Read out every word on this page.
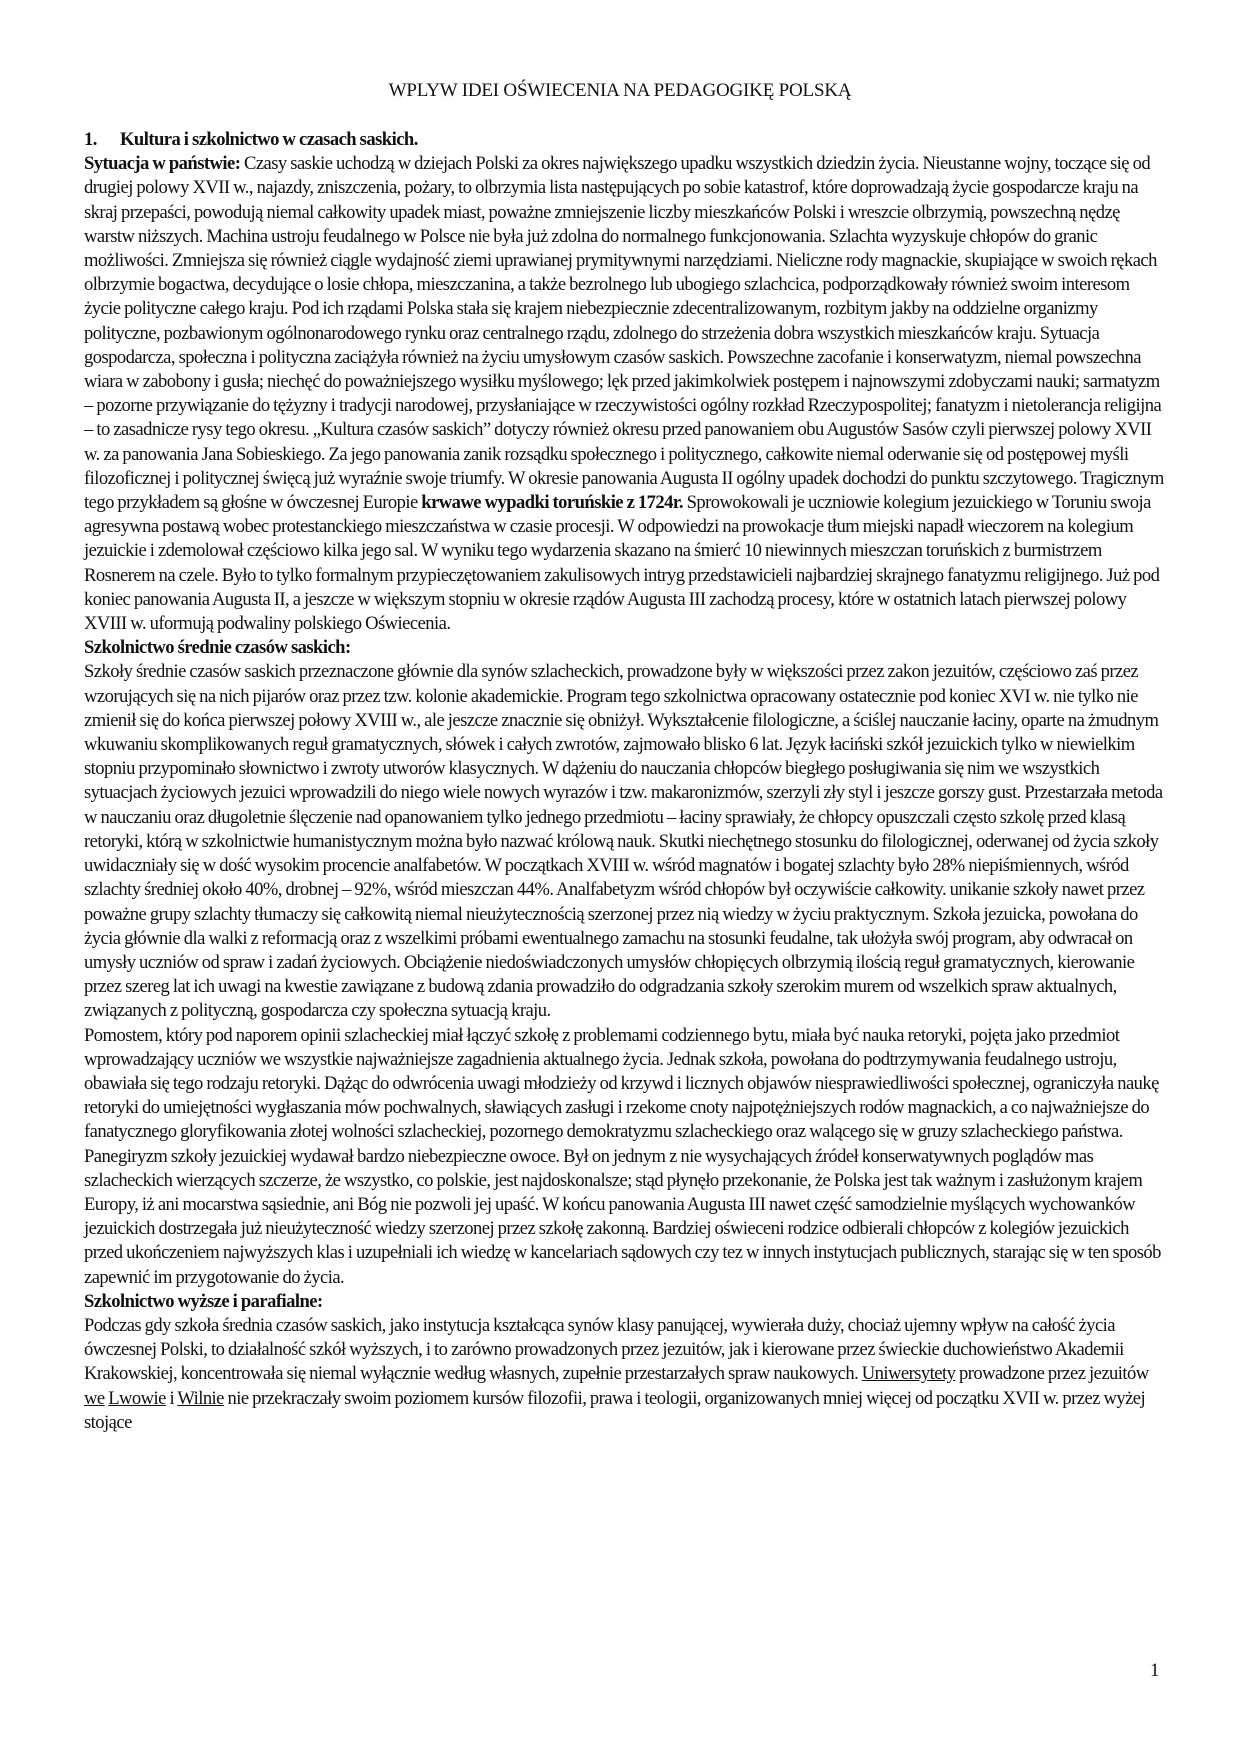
WPLYW IDEI OŚWIECENIA NA PEDAGOGIKĘ POLSKĄ
1. Kultura i szkolnictwo w czasach saskich.

Sytuacja w państwie: Czasy saskie uchodzą w dziejach Polski za okres największego upadku wszystkich dziedzin życia. Nieustanne wojny, toczące się od drugiej polowy XVII w., najazdy, zniszczenia, pożary, to olbrzymia lista następujących po sobie katastrof, które doprowadzają życie gospodarcze kraju na skraj przepaści, powodują niemal całkowity upadek miast, poważne zmniejszenie liczby mieszkańców Polski i wreszcie olbrzymią, powszechną nędzę warstw niższych. Machina ustroju feudalnego w Polsce nie była już zdolna do normalnego funkcjonowania. Szlachta wyzyskuje chłopów do granic możliwości. Zmniejsza się również ciągle wydajność ziemi uprawianej prymitywnymi narzędziami. Nieliczne rody magnackie, skupiające w swoich rękach olbrzymie bogactwa, decydujące o losie chłopa, mieszczanina, a także bezrolnego lub ubogiego szlachcica, podporządkowały również swoim interesom życie polityczne całego kraju. Pod ich rządami Polska stała się krajem niebezpiecznie zdecentralizowanym, rozbitym jakby na oddzielne organizmy polityczne, pozbawionym ogólnonarodowego rynku oraz centralnego rządu, zdolnego do strzeżenia dobra wszystkich mieszkańców kraju. Sytuacja gospodarcza, społeczna i polityczna zaciążyła również na życiu umysłowym czasów saskich. Powszechne zacofanie i konserwatyzm, niemal powszechna wiara w zabobony i gusła; niechęć do poważniejszego wysiłku myślowego; lęk przed jakimkolwiek postępem i najnowszymi zdobyczami nauki; sarmatyzm – pozorne przywiązanie do tężyzny i tradycji narodowej, przysłaniające w rzeczywistości ogólny rozkład Rzeczypospolitej; fanatyzm i nietolerancja religijna – to zasadnicze rysy tego okresu. „Kultura czasów saskich” dotyczy również okresu przed panowaniem obu Augustów Sasów czyli pierwszej polowy XVII w. za panowania Jana Sobieskiego. Za jego panowania zanik rozsądku społecznego i politycznego, całkowite niemal oderwanie się od postępowej myśli filozoficznej i politycznej święcą już wyraźnie swoje triumfy. W okresie panowania Augusta II ogólny upadek dochodzi do punktu szczytowego. Tragicznym tego przykładem są głośne w ówczesnej Europie krwawe wypadki toruńskie z 1724r. Sprowokowali je uczniowie kolegium jezuickiego w Toruniu swoja agresywna postawą wobec protestanckiego mieszczaństwa w czasie procesji. W odpowiedzi na prowokacje tłum miejski napadł wieczorem na kolegium jezuickie i zdemolował częściowo kilka jego sal. W wyniku tego wydarzenia skazano na śmierć 10 niewinnych mieszczan toruńskich z burmistrzem Rosnerem na czele. Było to tylko formalnym przypieczętowaniem zakulisowych intryg przedstawicieli najbardziej skrajnego fanatyzmu religijnego. Już pod koniec panowania Augusta II, a jeszcze w większym stopniu w okresie rządów Augusta III zachodzą procesy, które w ostatnich latach pierwszej polowy XVIII w. uformują podwaliny polskiego Oświecenia.

Szkolnictwo średnie czasów saskich:

Szkoły średnie czasów saskich przeznaczone głównie dla synów szlacheckich, prowadzone były w większości przez zakon jezuitów, częściowo zaś przez wzorujących się na nich pijarów oraz przez tzw. kolonie akademickie. Program tego szkolnictwa opracowany ostatecznie pod koniec XVI w. nie tylko nie zmienił się do końca pierwszej połowy XVIII w., ale jeszcze znacznie się obniżył. Wykształcenie filologiczne, a ściślej nauczanie łaciny, oparte na żmudnym wkuwaniu skomplikowanych reguł gramatycznych, słówek i całych zwrotów, zajmowało blisko 6 lat. Język łaciński szkół jezuickich tylko w niewielkim stopniu przypominało słownictwo i zwroty utworów klasycznych. W dążeniu do nauczania chłopców biegłego posługiwania się nim we wszystkich sytuacjach życiowych jezuici wprowadzili do niego wiele nowych wyrazów i tzw. makaronizmów, szerzyli zły styl i jeszcze gorszy gust. Przestarzała metoda w nauczaniu oraz długoletnie ślęczenie nad opanowaniem tylko jednego przedmiotu – łaciny sprawiały, że chłopcy opuszczali często szkolę przed klasą retoryki, którą w szkolnictwie humanistycznym można było nazwać królową nauk. Skutki niechętnego stosunku do filologicznej, oderwanej od życia szkoły uwidaczniały się w dość wysokim procencie analfabetów. W początkach XVIII w. wśród magnatów i bogatej szlachty było 28% niepiśmiennych, wśród szlachty średniej około 40%, drobnej – 92%, wśród mieszczan 44%. Analfabetyzm wśród chłopów był oczywiście całkowity. unikanie szkoły nawet przez poważne grupy szlachty tłumaczy się całkowitą niemal nieużytecznością szerzonej przez nią wiedzy w życiu praktycznym. Szkoła jezuicka, powołana do życia głównie dla walki z reformacją oraz z wszelkimi próbami ewentualnego zamachu na stosunki feudalne, tak ułożyła swój program, aby odwracał on umysły uczniów od spraw i zadań życiowych. Obciążenie niedoświadczonych umysłów chłopięcych olbrzymią ilością reguł gramatycznych, kierowanie przez szereg lat ich uwagi na kwestie zawiązane z budową zdania prowadziło do odgradzania szkoły szerokim murem od wszelkich spraw aktualnych, związanych z polityczną, gospodarcza czy społeczna sytuacją kraju.

Pomostem, który pod naporem opinii szlacheckiej miał łączyć szkołę z problemami codziennego bytu, miała być nauka retoryki, pojęta jako przedmiot wprowadzający uczniów we wszystkie najważniejsze zagadnienia aktualnego życia. Jednak szkoła, powołana do podtrzymywania feudalnego ustroju, obawiała się tego rodzaju retoryki. Dążąc do odwrócenia uwagi młodzieży od krzywd i licznych objawów niesprawiedliwości społecznej, ograniczyła naukę retoryki do umiejętności wygłaszania mów pochwalnych, sławiących zasługi i rzekome cnoty najpotężniejszych rodów magnackich, a co najważniejsze do fanatycznego gloryfikowania złotej wolności szlacheckiej, pozornego demokratyzmu szlacheckiego oraz walącego się w gruzy szlacheckiego państwa. Panegiryzm szkoły jezuickiej wydawał bardzo niebezpieczne owoce. Był on jednym z nie wysychających źródeł konserwatywnych poglądów mas szlacheckich wierzących szczerze, że wszystko, co polskie, jest najdoskonalsze; stąd płynęło przekonanie, że Polska jest tak ważnym i zasłużonym krajem Europy, iż ani mocarstwa sąsiednie, ani Bóg nie pozwoli jej upaść. W końcu panowania Augusta III nawet część samodzielnie myślących wychowanków jezuickich dostrzegała już nieużyteczność wiedzy szerzonej przez szkołę zakonną. Bardziej oświeceni rodzice odbierali chłopców z kolegiów jezuickich przed ukończeniem najwyższych klas i uzupełniali ich wiedzę w kancelariach sądowych czy tez w innych instytucjach publicznych, starając się w ten sposób zapewnić im przygotowanie do życia.

Szkolnictwo wyższe i parafialne:

Podczas gdy szkoła średnia czasów saskich, jako instytucja kształcąca synów klasy panującej, wywierała duży, chociaż ujemny wpływ na całość życia ówczesnej Polski, to działalność szkół wyższych, i to zarówno prowadzonych przez jezuitów, jak i kierowane przez świeckie duchowieństwo Akademii Krakowskiej, koncentrowała się niemal wyłącznie według własnych, zupełnie przestarzałych spraw naukowych. Uniwersytety prowadzone przez jezuitów we Lwowie i Wilnie nie przekraczały swoim poziomem kursów filozofii, prawa i teologii, organizowanych mniej więcej od początku XVII w. przez wyżej stojące

1
